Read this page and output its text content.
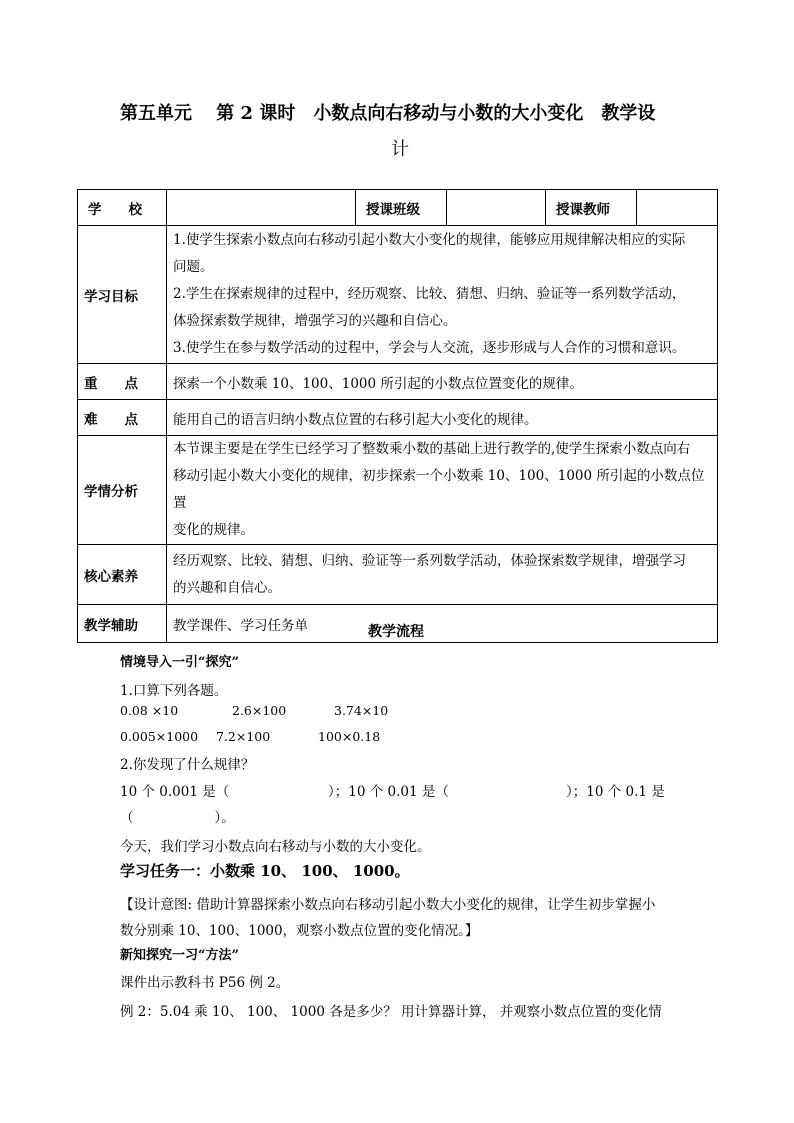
第五单元　 第 2 课时　小数点向右移动与小数的大小变化　教学设
计
学　　校		授课班级		授课教师	
学习目标	1.使学生探索小数点向右移动引起小数大小变化的规律，能够应用规律解决相应的实际
问题。
2.学生在探索规律的过程中，经历观察、比较、猜想、归纳、验证等一系列数学活动，
体验探索数学规律，增强学习的兴趣和自信心。
3.使学生在参与数学活动的过程中，学会与人交流，逐步形成与人合作的习惯和意识。				

重　　点	探索一个小数乘 10、100、1000 所引起的小数点位置变化的规律。				
难　　点	能用自己的语言归纳小数点位置的右移引起大小变化的规律。				
学情分析	本节课主要是在学生已经学习了整数乘小数的基础上进行教学的,使学生探索小数点向右
移动引起小数大小变化的规律，初步探索一个小数乘 10、100、1000 所引起的小数点位置
变化的规律。				

核心素养	经历观察、比较、猜想、归纳、验证等一系列数学活动，体验探索数学规律，增强学习
的兴趣和自信心。				

教学辅助	教学课件、学习任务单					教学流程
情境导入一引“探究”
1.口算下列各题。
0.08 ×10	2.6×100	3.74×10
0.005×1000 7.2×100	100×0.18
2.你发现了什么规律？
10 个 0.001 是（	）；10 个 0.01 是（	）；10 个 0.1 是
（　　　　　　）。
今天，我们学习小数点向右移动与小数的大小变化。
学习任务一：小数乘 10、 100、 1000。
【设计意图: 借助计算器探索小数点向右移动引起小数大小变化的规律，让学生初步掌握小
数分别乘 10、100、1000，观察小数点位置的变化情况。】
新知探究一习“方法”
课件出示教科书 P56 例 2。
例 2：5.04 乘 10、 100、 1000 各是多少？ 用计算器计算， 并观察小数点位置的变化情
